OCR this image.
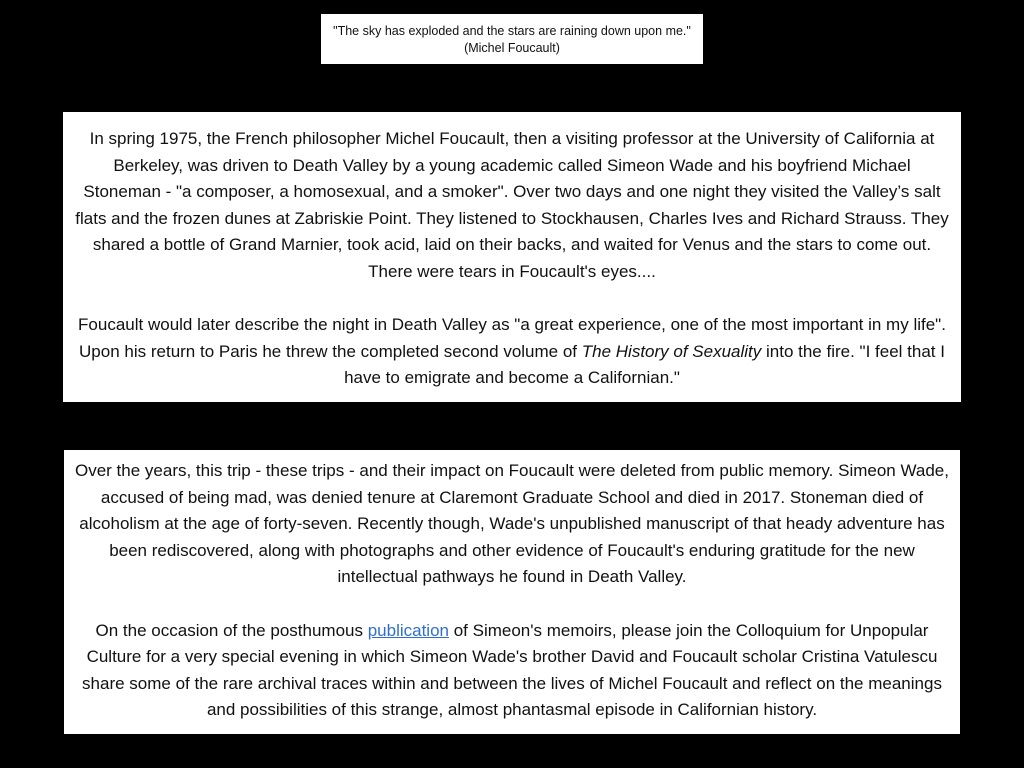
"The sky has exploded and the stars are raining down upon me."

(Michel Foucault)

In spring 1975, the French philosopher Michel Foucault, then a visiting professor at the University of California at Berkeley, was driven to Death Valley by a young academic called Simeon Wade and his boyfriend Michael Stoneman - "a composer, a homosexual, and a smoker". Over two days and one night they visited the Valley’s salt flats and the frozen dunes at Zabriskie Point. They listened to Stockhausen, Charles Ives and Richard Strauss. They shared a bottle of Grand Marnier, took acid, laid on their backs, and waited for Venus and the stars to come out. There were tears in Foucault's eyes....

Foucault would later describe the night in Death Valley as "a great experience, one of the most important in my life". Upon his return to Paris he threw the completed second volume of The History of Sexuality into the fire. "I feel that I have to emigrate and become a Californian."

Over the years, this trip - these trips - and their impact on Foucault were deleted from public memory. Simeon Wade, accused of being mad, was denied tenure at Claremont Graduate School and died in 2017. Stoneman died of alcoholism at the age of forty-seven. Recently though, Wade's unpublished manuscript of that heady adventure has been rediscovered, along with photographs and other evidence of Foucault's enduring gratitude for the new intellectual pathways he found in Death Valley.

On the occasion of the posthumous publication of Simeon's memoirs, please join the Colloquium for Unpopular Culture for a very special evening in which Simeon Wade's brother David and Foucault scholar Cristina Vatulescu share some of the rare archival traces within and between the lives of Michel Foucault and reflect on the meanings and possibilities of this strange, almost phantasmal episode in Californian history.
